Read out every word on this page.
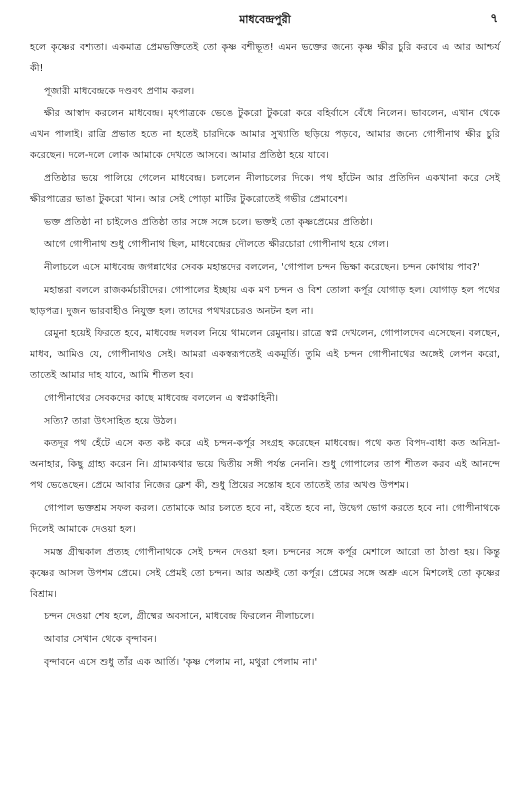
মাধবেন্দ্রপুরী	৭

হলে কৃষ্ণের বশ্যতা। একমাত্র প্রেমভক্তিতেই তো কৃষ্ণ বশীভূত! এমন ভক্তের জন্যে কৃষ্ণ ক্ষীর চুরি করবে এ আর আশ্চর্য কী!

পূজারী মাধবেন্দ্রকে দণ্ডবৎ প্রণাম করল।

ক্ষীর আস্বাদ করলেন মাধবেন্দ্র। মৃৎপাত্রকে ভেঙে টুকরো টুকরো করে বহির্বাসে বেঁধে নিলেন। ভাবলেন, এখান থেকে এখন পালাই। রাত্রি প্রভাত হতে না হতেই চারদিকে আমার সুখ্যাতি ছড়িয়ে পড়বে, আমার জন্যে গোপীনাথ ক্ষীর চুরি করেছেন। দলে-দলে লোক আমাকে দেখতে আসবে। আমার প্রতিষ্ঠা হয়ে যাবে।

প্রতিষ্ঠার ভয়ে পালিয়ে গেলেন মাধবেন্দ্র। চললেন নীলাচলের দিকে। পথ হাঁটেন আর প্রতিদিন একখানা করে সেই ক্ষীরপাত্রের ভাঙা টুকরো খান। আর সেই পোড়া মাটির টুকরোতেই গভীর প্রেমাবেশ।

ভক্ত প্রতিষ্ঠা না চাইলেও প্রতিষ্ঠা তার সঙ্গে সঙ্গে চলে। ভক্তই তো কৃষ্ণপ্রেমের প্রতিষ্ঠা।

আগে গোপীনাথ শুধু গোপীনাথ ছিল, মাধবেন্দ্রের দৌলতে ক্ষীরচোরা গোপীনাথ হয়ে গেল।

নীলাচলে এসে মাধবেন্দ্র জগন্নাথের সেবক মহান্তদের বললেন, 'গোপাল চন্দন ভিক্ষা করেছেন। চন্দন কোথায় পাব?'

মহান্তরা বললে রাজকর্মচারীদের। গোপালের ইচ্ছায় এক মণ চন্দন ও বিশ তোলা কর্পূর যোগাড় হল। যোগাড় হল পথের ছাড়পত্র। দুজন ভারবাহীও নিযুক্ত হল। তাদের পথখরচেরও অনটন হল না।

রেমুনা হয়েই ফিরতে হবে, মাধবেন্দ্র দলবল নিয়ে থামলেন রেমুনায়। রাত্রে স্বপ্ন দেখলেন, গোপালদেব এসেছেন। বলছেন, মাধব, আমিও যে, গোপীনাথও সেই। আমরা একস্বরূপতেই একমূর্তি। তুমি এই চন্দন গোপীনাথের অঙ্গেই লেপন করো, তাতেই আমার দাহ যাবে, আমি শীতল হব।

গোপীনাথের সেবকদের কাছে মাধবেন্দ্র বললেন এ স্বপ্নকাহিনী।

সত্যি? তারা উৎসাহিত হয়ে উঠল।

কতদূর পথ হেঁটে এসে কত কষ্ট করে এই চন্দন-কর্পূর সংগ্রহ করেছেন মাধবেন্দ্র। পথে কত বিপদ-বাধা কত অনিদ্রা-অনাহার, কিছু গ্রাহ্য করেন নি। গ্রাম্যকথার ভয়ে দ্বিতীয় সঙ্গী পর্যন্ত নেননি। শুধু গোপালের তাপ শীতল করব এই আনন্দে পথ ভেঙেছেন। প্রেমে আবার নিজের ক্লেশ কী, শুধু প্রিয়ের সন্তোষ হবে তাতেই তার অখণ্ড উপশম।

গোপাল ভক্তশ্রম সফল করল। তোমাকে আর চলতে হবে না, বইতে হবে না, উদ্বেগ ভোগ করতে হবে না। গোপীনাথকে দিলেই আমাকে দেওয়া হল।

সমস্ত গ্রীষ্মকাল প্রত্যহ গোপীনাথকে সেই চন্দন দেওয়া হল। চন্দনের সঙ্গে কর্পূর মেশালে আরো তা ঠাণ্ডা হয়। কিন্তু কৃষ্ণের আসল উপশম প্রেমে। সেই প্রেমই তো চন্দন। আর অশ্রুই তো কর্পূর। প্রেমের সঙ্গে অশ্রু এসে মিশলেই তো কৃষ্ণের বিশ্রাম।

চন্দন দেওয়া শেষ হলে, গ্রীষ্মের অবসানে, মাধবেন্দ্র ফিরলেন নীলাচলে।

আবার সেখান থেকে বৃন্দাবন।

বৃন্দাবনে এসে শুধু তাঁর এক আর্তি। 'কৃষ্ণ পেলাম না, মথুরা পেলাম না।'
